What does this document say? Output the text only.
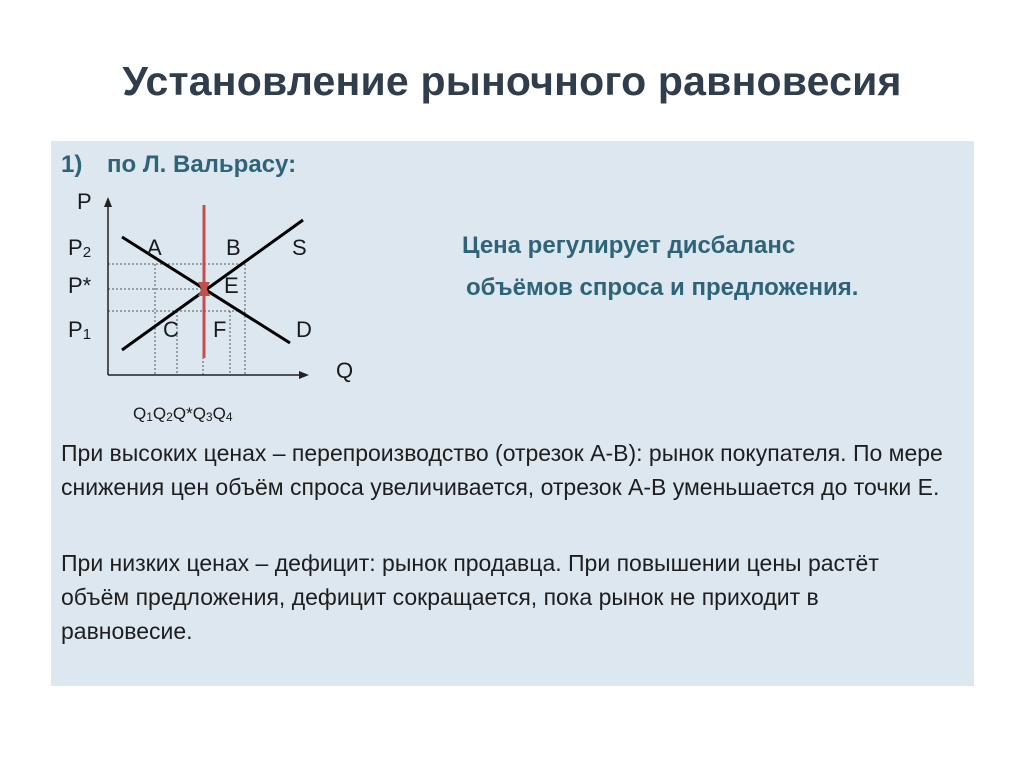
Установление рыночного равновесия
1) по Л. Вальрасу:
P
P2
P*
P1
A	B S
E
C F	D
Q
Q1Q2Q*Q3Q4
Цена регулирует дисбаланс
объёмов спроса и предложения.
При высоких ценах – перепроизводство (отрезок А-В): рынок покупателя. По мере снижения цен объём спроса увеличивается, отрезок А-В уменьшается до точки Е.
При низких ценах – дефицит: рынок продавца. При повышении цены растёт объём предложения, дефицит сокращается, пока рынок не приходит в равновесие.
